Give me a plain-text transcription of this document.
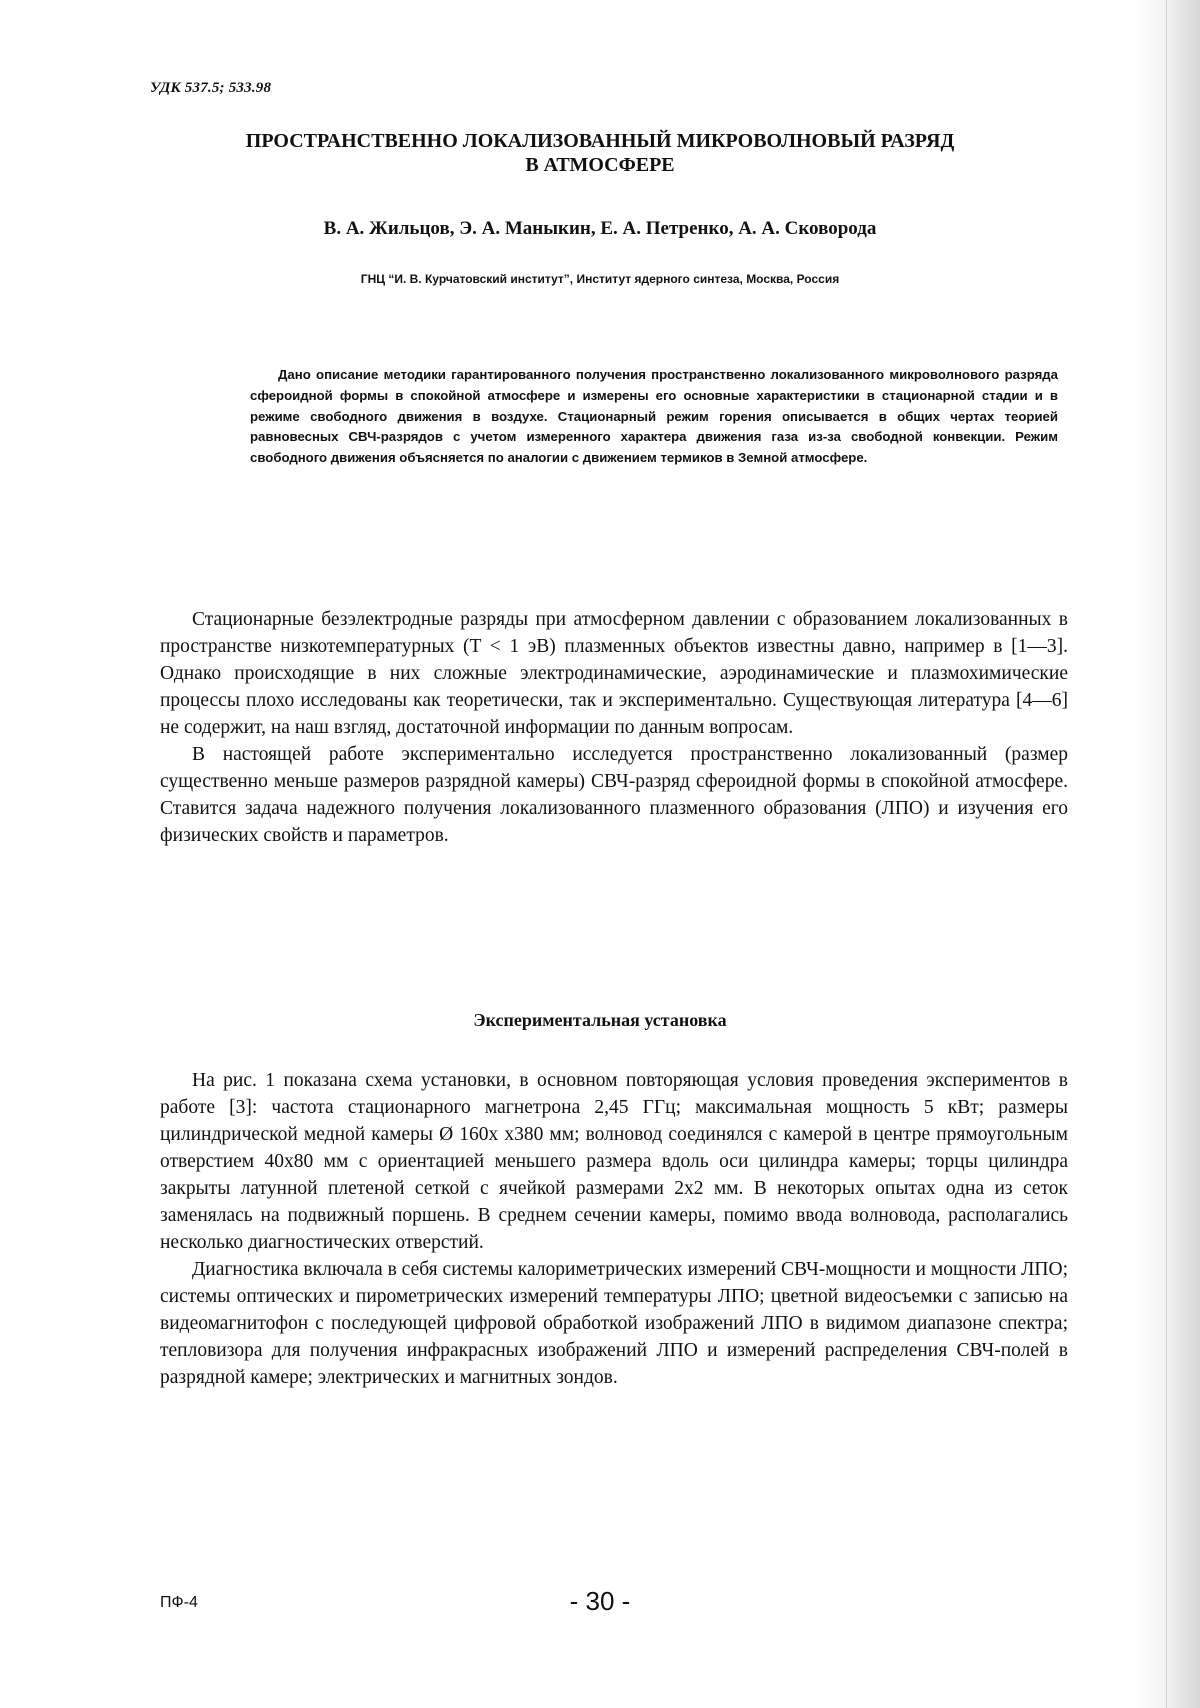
УДК 537.5; 533.98
ПРОСТРАНСТВЕННО ЛОКАЛИЗОВАННЫЙ МИКРОВОЛНОВЫЙ РАЗРЯД
В АТМОСФЕРЕ
В. А. Жильцов, Э. А. Маныкин, Е. А. Петренко, А. А. Сковорода
ГНЦ “И. В. Курчатовский институт”, Институт ядерного синтеза, Москва, Россия

Дано описание методики гарантированного получения пространственно локализованного микроволнового разряда сфероидной формы в спокойной атмосфере и измерены его основные характеристики в стационарной стадии и в режиме свободного движения в воздухе. Стационарный режим горения описывается в общих чертах теорией равновесных СВЧ-разрядов с учетом измеренного характера движения газа из-за свободной конвекции. Режим свободного движения объясняется по аналогии с движением термиков в Земной атмосфере.

Стационарные безэлектродные разряды при атмосферном давлении с образованием локализованных в пространстве низкотемпературных (T < 1 эВ) плазменных объектов известны давно, например в [1—3]. Однако происходящие в них сложные электродинамические, аэродинамические и плазмохимические процессы плохо исследованы как теоретически, так и экспериментально. Существующая литература [4—6] не содержит, на наш взгляд, достаточной информации по данным вопросам.

В настоящей работе экспериментально исследуется пространственно локализованный (размер существенно меньше размеров разрядной камеры) СВЧ-разряд сфероидной формы в спокойной атмосфере. Ставится задача надежного получения локализованного плазменного образования (ЛПО) и изучения его физических свойств и параметров.

Экспериментальная установка

На рис. 1 показана схема установки, в основном повторяющая условия проведения экспериментов в работе [3]: частота стационарного магнетрона 2,45 ГГц; максимальная мощность 5 кВт; размеры цилиндрической медной камеры Ø 160x x380 мм; волновод соединялся с камерой в центре прямоугольным отверстием 40x80 мм с ориентацией меньшего размера вдоль оси цилиндра камеры; торцы цилиндра закрыты латунной плетеной сеткой с ячейкой размерами 2x2 мм. В некоторых опытах одна из сеток заменялась на подвижный поршень. В среднем сечении камеры, помимо ввода волновода, располагались несколько диагностических отверстий.

Диагностика включала в себя системы калориметрических измерений СВЧ-мощности и мощности ЛПО; системы оптических и пирометрических измерений температуры ЛПО; цветной видеосъемки с записью на видеомагнитофон с последующей цифровой обработкой изображений ЛПО в видимом диапазоне спектра; тепловизора для получения инфракрасных изображений ЛПО и измерений распределения СВЧ-полей в разрядной камере; электрических и магнитных зондов.

ПФ-4	- 30 -
